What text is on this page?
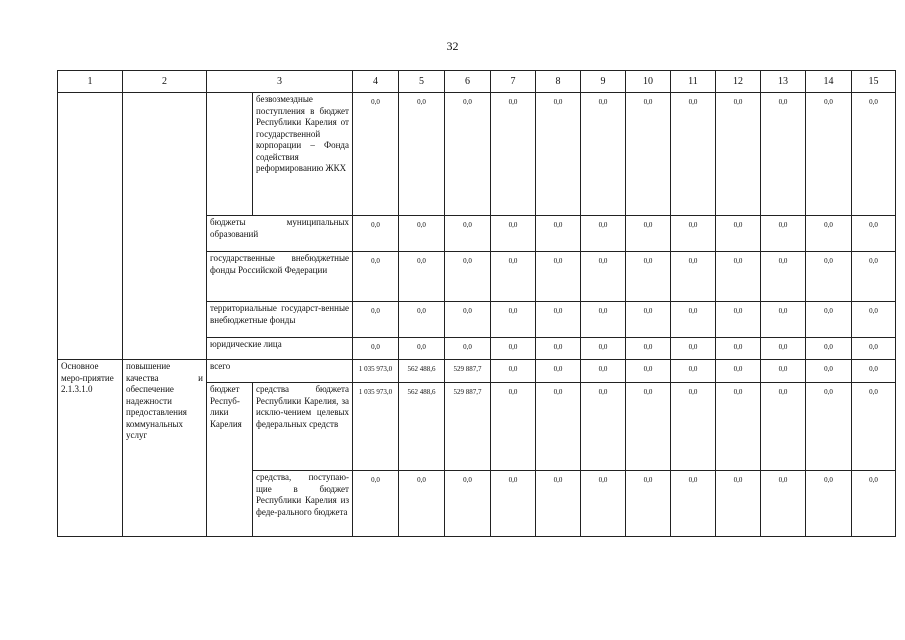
32
1	2	3		4	5	6	7	8	9	10	11	12	13	14	15
			безвозмездные поступления в бюджет Республики Карелия от государственной корпорации – Фонда содействия реформированию ЖКХ	0,0	0,0	0,0	0,0	0,0	0,0	0,0	0,0	0,0	0,0	0,0	0,0
		бюджеты муниципальных образований		0,0	0,0	0,0	0,0	0,0	0,0	0,0	0,0	0,0	0,0	0,0	0,0
		государственные внебюджетные фонды Российской Федерации		0,0	0,0	0,0	0,0	0,0	0,0	0,0	0,0	0,0	0,0	0,0	0,0
		территориальные государст-венные внебюджетные фонды		0,0	0,0	0,0	0,0	0,0	0,0	0,0	0,0	0,0	0,0	0,0	0,0
		юридические лица		0,0	0,0	0,0	0,0	0,0	0,0	0,0	0,0	0,0	0,0	0,0	0,0
Основное меро-приятие 2.1.3.1.0	повышение качества и обеспечение надежности предоставления коммунальных услуг	всего		1 035 973,0	562 488,6	529 887,7	0,0	0,0	0,0	0,0	0,0	0,0	0,0	0,0	0,0
		бюджет Респуб-лики Карелия	средства бюджета Республики Карелия, за исклю-чением целевых федеральных средств	1 035 973,0	562 488,6	529 887,7	0,0	0,0	0,0	0,0	0,0	0,0	0,0	0,0	0,0
			средства, поступаю-щие в бюджет Республики Карелия из феде-рального бюджета	0,0	0,0	0,0	0,0	0,0	0,0	0,0	0,0	0,0	0,0	0,0	0,0
